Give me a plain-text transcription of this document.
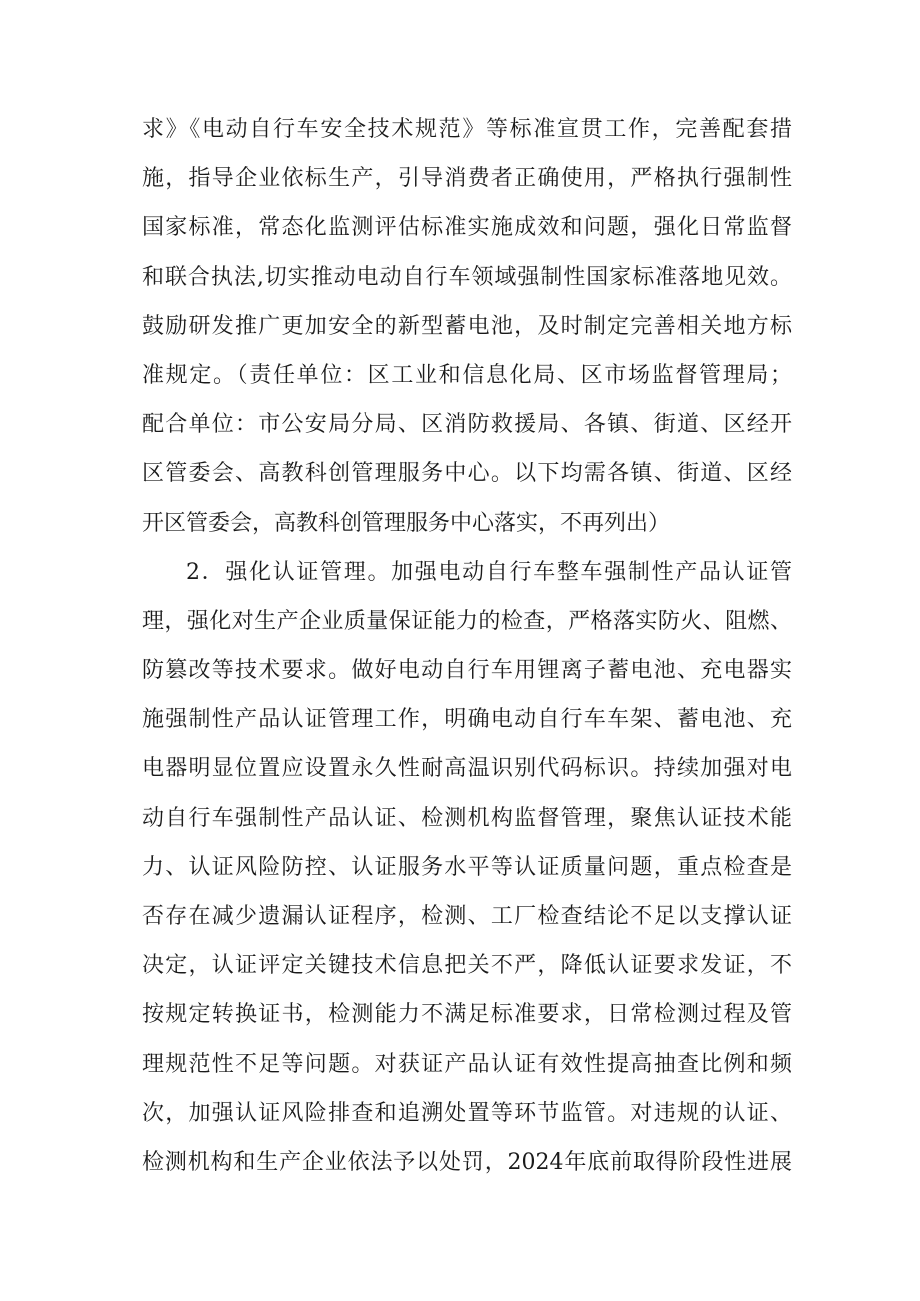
求》《电动自行车安全技术规范》等标准宣贯工作，完善配套措
施，指导企业依标生产，引导消费者正确使用，严格执行强制性
国家标准，常态化监测评估标准实施成效和问题，强化日常监督
和联合执法,切实推动电动自行车领域强制性国家标准落地见效。
鼓励研发推广更加安全的新型蓄电池，及时制定完善相关地方标
准规定。（责任单位：区工业和信息化局、区市场监督管理局；
配合单位：市公安局分局、区消防救援局、各镇、街道、区经开
区管委会、高教科创管理服务中心。以下均需各镇、街道、区经
开区管委会，高教科创管理服务中心落实，不再列出）
2．强化认证管理。加强电动自行车整车强制性产品认证管
理，强化对生产企业质量保证能力的检查，严格落实防火、阻燃、
防篡改等技术要求。做好电动自行车用锂离子蓄电池、充电器实
施强制性产品认证管理工作，明确电动自行车车架、蓄电池、充
电器明显位置应设置永久性耐高温识别代码标识。持续加强对电
动自行车强制性产品认证、检测机构监督管理，聚焦认证技术能
力、认证风险防控、认证服务水平等认证质量问题，重点检查是
否存在减少遗漏认证程序，检测、工厂检查结论不足以支撑认证
决定，认证评定关键技术信息把关不严，降低认证要求发证，不
按规定转换证书，检测能力不满足标准要求，日常检测过程及管
理规范性不足等问题。对获证产品认证有效性提高抽查比例和频
次，加强认证风险排查和追溯处置等环节监管。对违规的认证、
检测机构和生产企业依法予以处罚，2024年底前取得阶段性进展
